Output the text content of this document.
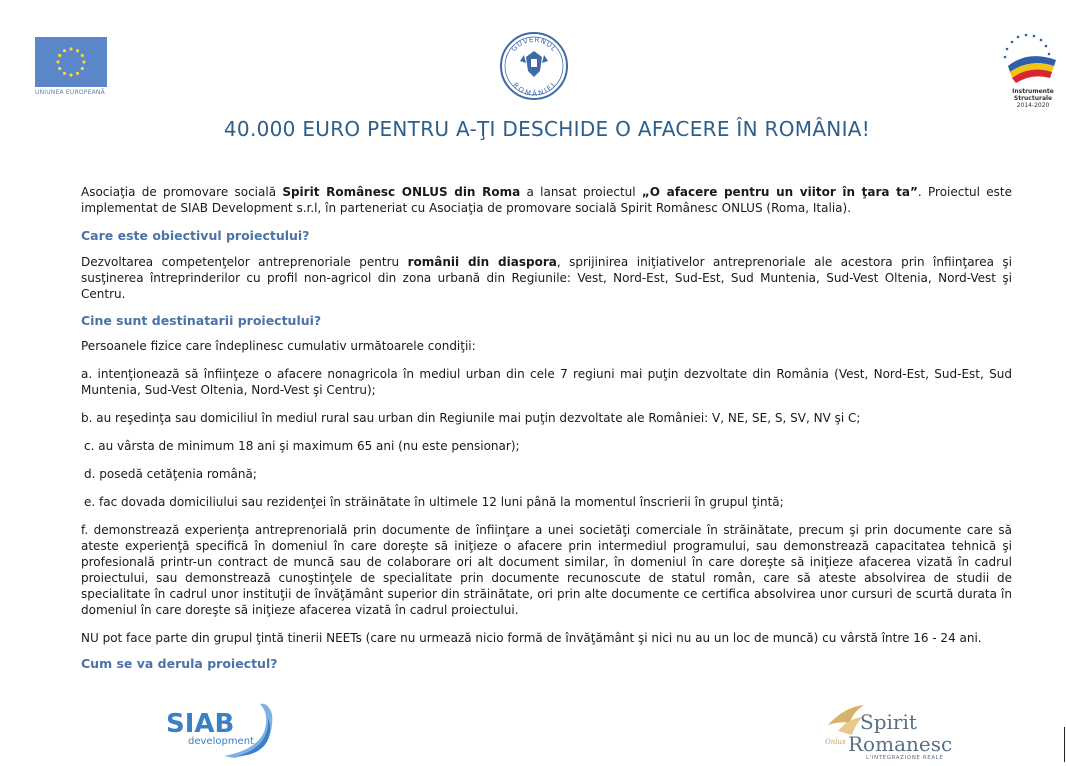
UNIUNEA EUROPEANĂ
GUVERNUL
ROMÂNIEI
Instrumente Structurale
2014-2020
40.000 EURO PENTRU A-ŢI DESCHIDE O AFACERE ÎN ROMÂNIA!

Asociaţia de promovare socială Spirit Românesc ONLUS din Roma a lansat proiectul „O afacere pentru un viitor în ţara ta”. Proiectul este implementat de SIAB Development s.r.l, în parteneriat cu Asociaţia de promovare socială Spirit Românesc ONLUS (Roma, Italia).

Care este obiectivul proiectului?

Dezvoltarea competenţelor antreprenoriale pentru românii din diaspora, sprijinirea iniţiativelor antreprenoriale ale acestora prin înfiinţarea şi susţinerea întreprinderilor cu profil non-agricol din zona urbană din Regiunile: Vest, Nord-Est, Sud-Est, Sud Muntenia, Sud-Vest Oltenia, Nord-Vest şi Centru.

Cine sunt destinatarii proiectului?

Persoanele fizice care îndeplinesc cumulativ următoarele condiţii:

a. intenţionează să înfiinţeze o afacere nonagricola în mediul urban din cele 7 regiuni mai puţin dezvoltate din România (Vest, Nord-Est, Sud-Est, Sud Muntenia, Sud-Vest Oltenia, Nord-Vest şi Centru);

b. au reşedinţa sau domiciliul în mediul rural sau urban din Regiunile mai puţin dezvoltate ale României: V, NE, SE, S, SV, NV şi C;

c. au vârsta de minimum 18 ani şi maximum 65 ani (nu este pensionar);

d. posedă cetăţenia română;

e. fac dovada domiciliului sau rezidenţei în străinătate în ultimele 12 luni până la momentul înscrierii în grupul ţintă;

f. demonstrează experienţa antreprenorială prin documente de înfiinţare a unei societăţi comerciale în străinătate, precum şi prin documente care să ateste experienţă specifică în domeniul în care doreşte să iniţieze o afacere prin intermediul programului, sau demonstrează capacitatea tehnică şi profesională printr-un contract de muncă sau de colaborare ori alt document similar, în domeniul în care doreşte să iniţieze afacerea vizată în cadrul proiectului, sau demonstrează cunoştinţele de specialitate prin documente recunoscute de statul român, care să ateste absolvirea de studii de specialitate în cadrul unor instituţii de învăţământ superior din străinătate, ori prin alte documente ce certifica absolvirea unor cursuri de scurtă durata în domeniul în care doreşte să iniţieze afacerea vizată în cadrul proiectului.

NU pot face parte din grupul ţintă tinerii NEETs (care nu urmează nicio formă de învăţământ şi nici nu au un loc de muncă) cu vârstă între 16 - 24 ani.

Cum se va derula proiectul?

SIAB
development
Spirit
Romanesc
Onlus
L'INTEGRAZIONE REALE
